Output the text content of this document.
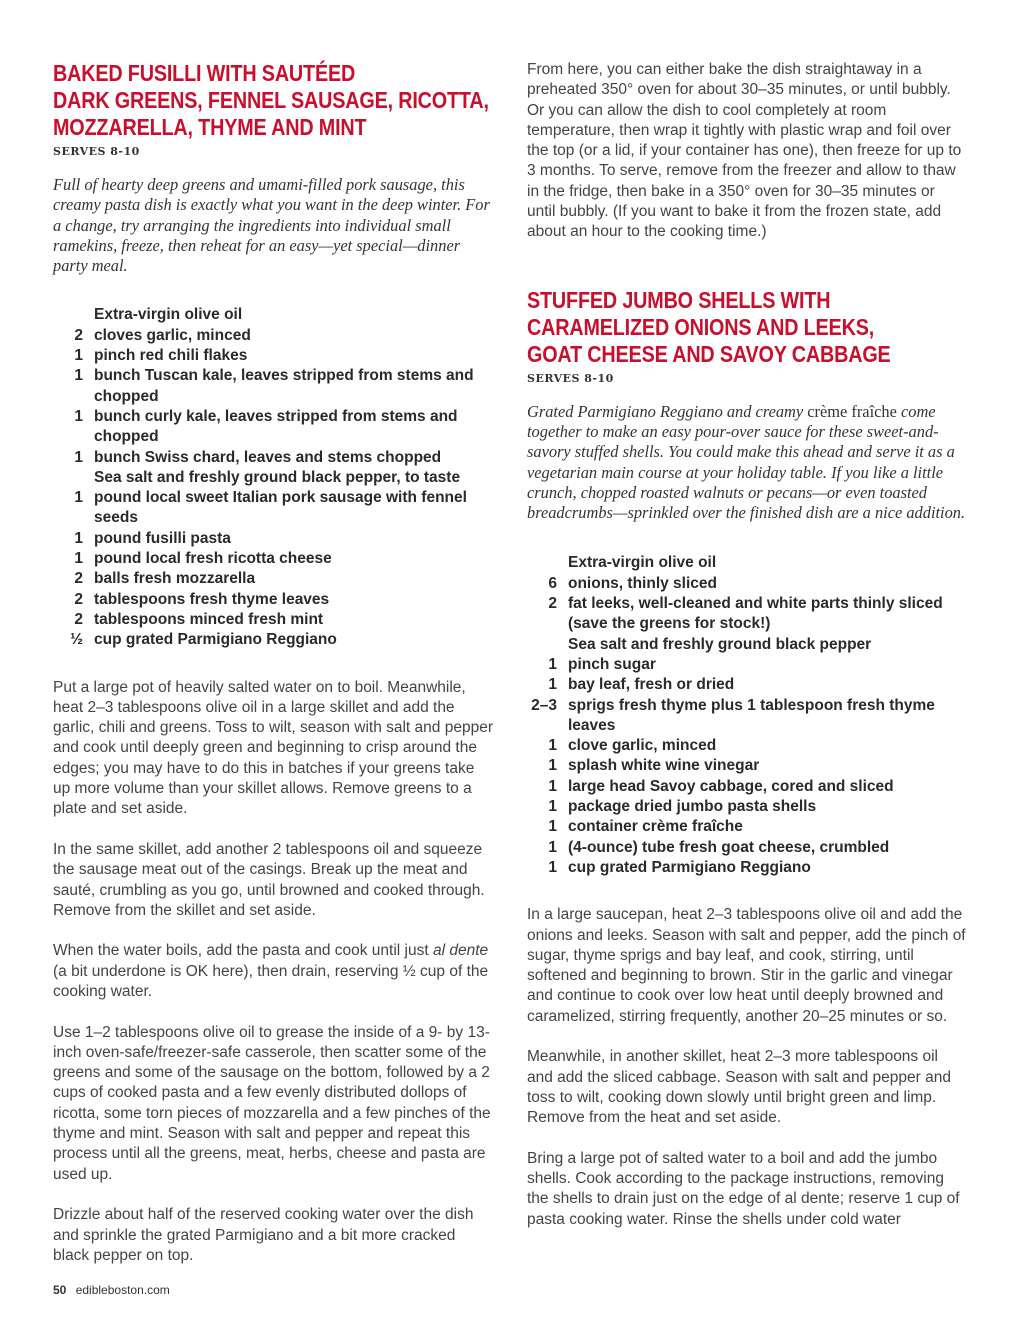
BAKED FUSILLI WITH SAUTÉED
DARK GREENS, FENNEL SAUSAGE, RICOTTA,
MOZZARELLA, THYME AND MINT
SERVES 8-10
Full of hearty deep greens and umami-filled pork sausage, this creamy pasta dish is exactly what you want in the deep winter. For a change, try arranging the ingredients into individual small ramekins, freeze, then reheat for an easy—yet special—dinner party meal.
Extra-virgin olive oil
2 cloves garlic, minced
1 pinch red chili flakes
1 bunch Tuscan kale, leaves stripped from stems and chopped
1 bunch curly kale, leaves stripped from stems and chopped
1 bunch Swiss chard, leaves and stems chopped
Sea salt and freshly ground black pepper, to taste
1 pound local sweet Italian pork sausage with fennel seeds
1 pound fusilli pasta
1 pound local fresh ricotta cheese
2 balls fresh mozzarella
2 tablespoons fresh thyme leaves
2 tablespoons minced fresh mint
½ cup grated Parmigiano Reggiano

Put a large pot of heavily salted water on to boil. Meanwhile, heat 2–3 tablespoons olive oil in a large skillet and add the garlic, chili and greens. Toss to wilt, season with salt and pepper and cook until deeply green and beginning to crisp around the edges; you may have to do this in batches if your greens take up more volume than your skillet allows. Remove greens to a plate and set aside.

In the same skillet, add another 2 tablespoons oil and squeeze the sausage meat out of the casings. Break up the meat and sauté, crumbling as you go, until browned and cooked through. Remove from the skillet and set aside.

When the water boils, add the pasta and cook until just al dente (a bit underdone is OK here), then drain, reserving ½ cup of the cooking water.

Use 1–2 tablespoons olive oil to grease the inside of a 9- by 13-inch oven-safe/freezer-safe casserole, then scatter some of the greens and some of the sausage on the bottom, followed by a 2 cups of cooked pasta and a few evenly distributed dollops of ricotta, some torn pieces of mozzarella and a few pinches of the thyme and mint. Season with salt and pepper and repeat this process until all the greens, meat, herbs, cheese and pasta are used up.

Drizzle about half of the reserved cooking water over the dish and sprinkle the grated Parmigiano and a bit more cracked black pepper on top.

From here, you can either bake the dish straightaway in a preheated 350° oven for about 30–35 minutes, or until bubbly. Or you can allow the dish to cool completely at room temperature, then wrap it tightly with plastic wrap and foil over the top (or a lid, if your container has one), then freeze for up to 3 months. To serve, remove from the freezer and allow to thaw in the fridge, then bake in a 350° oven for 30–35 minutes or until bubbly. (If you want to bake it from the frozen state, add about an hour to the cooking time.)

STUFFED JUMBO SHELLS WITH
CARAMELIZED ONIONS AND LEEKS,
GOAT CHEESE AND SAVOY CABBAGE
SERVES 8-10
Grated Parmigiano Reggiano and creamy crème fraîche come together to make an easy pour-over sauce for these sweet-and-savory stuffed shells. You could make this ahead and serve it as a vegetarian main course at your holiday table. If you like a little crunch, chopped roasted walnuts or pecans—or even toasted breadcrumbs—sprinkled over the finished dish are a nice addition.
Extra-virgin olive oil
6 onions, thinly sliced
2 fat leeks, well-cleaned and white parts thinly sliced (save the greens for stock!)
Sea salt and freshly ground black pepper
1 pinch sugar
1 bay leaf, fresh or dried
2–3 sprigs fresh thyme plus 1 tablespoon fresh thyme leaves
1 clove garlic, minced
1 splash white wine vinegar
1 large head Savoy cabbage, cored and sliced
1 package dried jumbo pasta shells
1 container crème fraîche
1 (4-ounce) tube fresh goat cheese, crumbled
1 cup grated Parmigiano Reggiano

In a large saucepan, heat 2–3 tablespoons olive oil and add the onions and leeks. Season with salt and pepper, add the pinch of sugar, thyme sprigs and bay leaf, and cook, stirring, until softened and beginning to brown. Stir in the garlic and vinegar and continue to cook over low heat until deeply browned and caramelized, stirring frequently, another 20–25 minutes or so.

Meanwhile, in another skillet, heat 2–3 more tablespoons oil and add the sliced cabbage. Season with salt and pepper and toss to wilt, cooking down slowly until bright green and limp. Remove from the heat and set aside.

Bring a large pot of salted water to a boil and add the jumbo shells. Cook according to the package instructions, removing the shells to drain just on the edge of al dente; reserve 1 cup of pasta cooking water. Rinse the shells under cold water

50 edibleboston.com
